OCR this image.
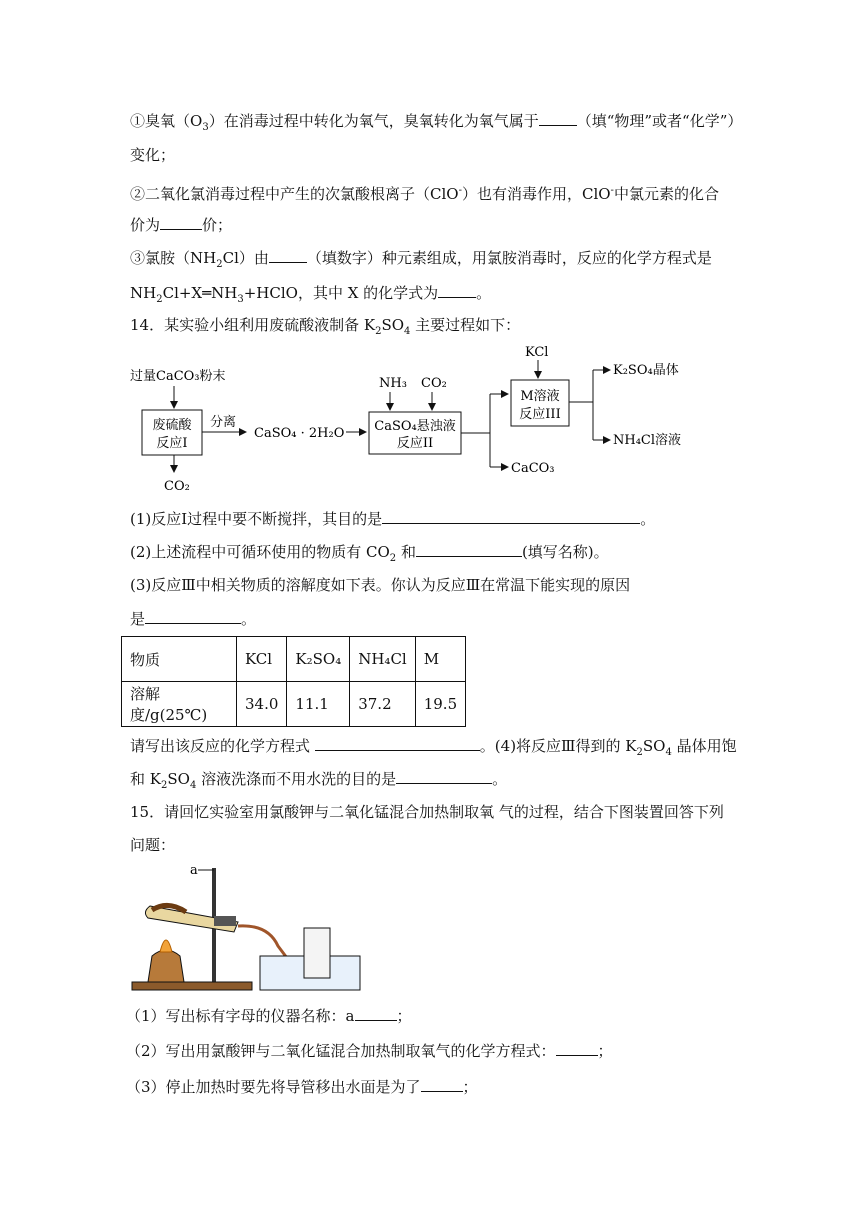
①臭氧$(O_3)$在消毒过程中转化为氧气，臭氧转化为氧气属于	（填“物理”或者“化学”）
变化；
②二氧化氯消毒过程中产生的次氯酸根离子（ClO-）也有消毒作用，ClO-中氯元素的化合
价为	价；
③氯胺$(NH_2Cl)$由	（填数字）种元素组成，用氯胺消毒时，反应的化学方程式是
$NH_2Cl+X═NH_3+HClO$，其中 X 的化学式为	。
14．某实验小组利用废硫酸液制备 $K_2SO_4$ 主要过程如下：
过量CaCO₃粉末
废硫酸
反应I
CO₂
分离
CaSO₄ · 2H₂O
NH₃ CO₂
CaSO₄悬浊液
反应II
CaCO₃
KCl
M溶液
反应III
K₂SO₄晶体
NH₄Cl溶液
(1)反应Ⅰ过程中要不断搅拌，其目的是	。
(2)上述流程中可循环使用的物质有 $CO_2$ 和	(填写名称)。
(3)反应Ⅲ中相关物质的溶解度如下表。你认为反应Ⅲ在常温下能实现的原因
是	。
物质	KCl	K₂SO₄	NH₄Cl	M
溶解度/g(25℃)	34.0	11.1	37.2	19.5
请写出该反应的化学方程式	。(4)将反应Ⅲ得到的 $K_2SO_4$ 晶体用饱
和 $K_2SO_4$ 溶液洗涤而不用水洗的目的是	。
15．请回忆实验室用氯酸钾与二氧化锰混合加热制取氧 气的过程，结合下图装置回答下列
问题：
a
（1）写出标有字母的仪器名称：a	；
（2）写出用氯酸钾与二氧化锰混合加热制取氧气的化学方程式：	；
（3）停止加热时要先将导管移出水面是为了	；
